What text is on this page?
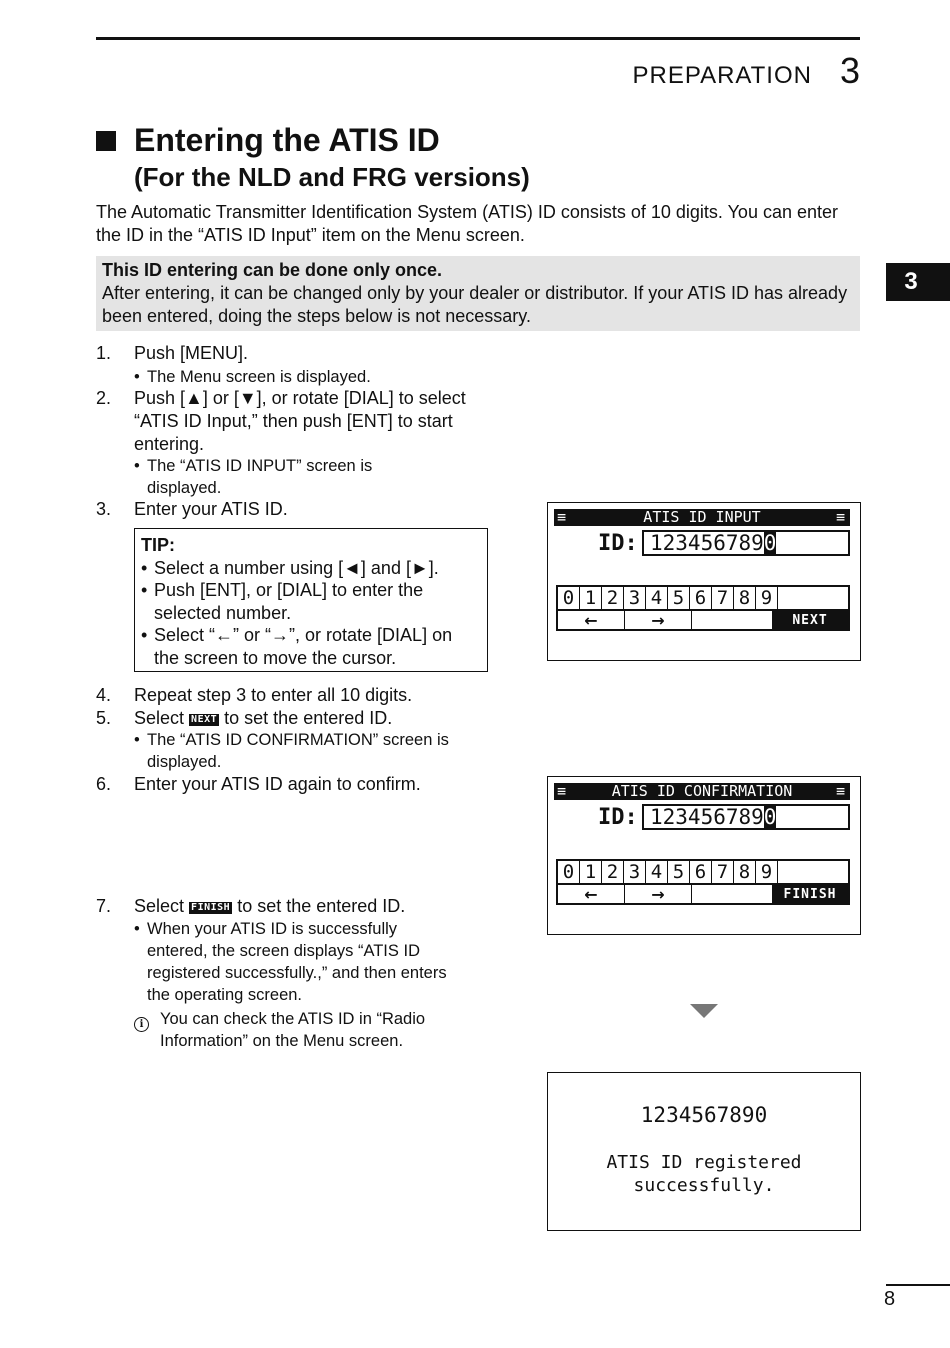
PREPARATION 3
3
Entering the ATIS ID
(For the NLD and FRG versions)
The Automatic Transmitter Identification System (ATIS) ID consists of 10 digits. You can enter the ID in the “ATIS ID Input” item on the Menu screen.
This ID entering can be done only once.
After entering, it can be changed only by your dealer or distributor. If your ATIS ID has already been entered, doing the steps below is not necessary.
1. Push [MENU].
• The Menu screen is displayed.
2. Push [▲] or [▼], or rotate [DIAL] to select “ATIS ID Input,” then push [ENT] to start entering.
• The “ATIS ID INPUT” screen is displayed.
3. Enter your ATIS ID.
TIP:
• Select a number using [◄] and [►].
• Push [ENT], or [DIAL] to enter the selected number.
• Select “←” or “→”, or rotate [DIAL] on the screen to move the cursor.
4. Repeat step 3 to enter all 10 digits.
5. Select NEXT to set the entered ID.
• The “ATIS ID CONFIRMATION” screen is displayed.
6. Enter your ATIS ID again to confirm.
7. Select FINISH to set the entered ID.
• When your ATIS ID is successfully entered, the screen displays “ATIS ID registered successfully.,” and then enters the operating screen.
i	You can check the ATIS ID in “Radio Information” on the Menu screen.
≡	ATIS ID INPUT	≡
ID: 1234567890
0 1 2 3 4 5 6 7 8 9
←	→	NEXT
≡	ATIS ID CONFIRMATION	≡
ID: 1234567890
0 1 2 3 4 5 6 7 8 9
←	→	FINISH
1234567890
ATIS ID registered
successfully.
8
